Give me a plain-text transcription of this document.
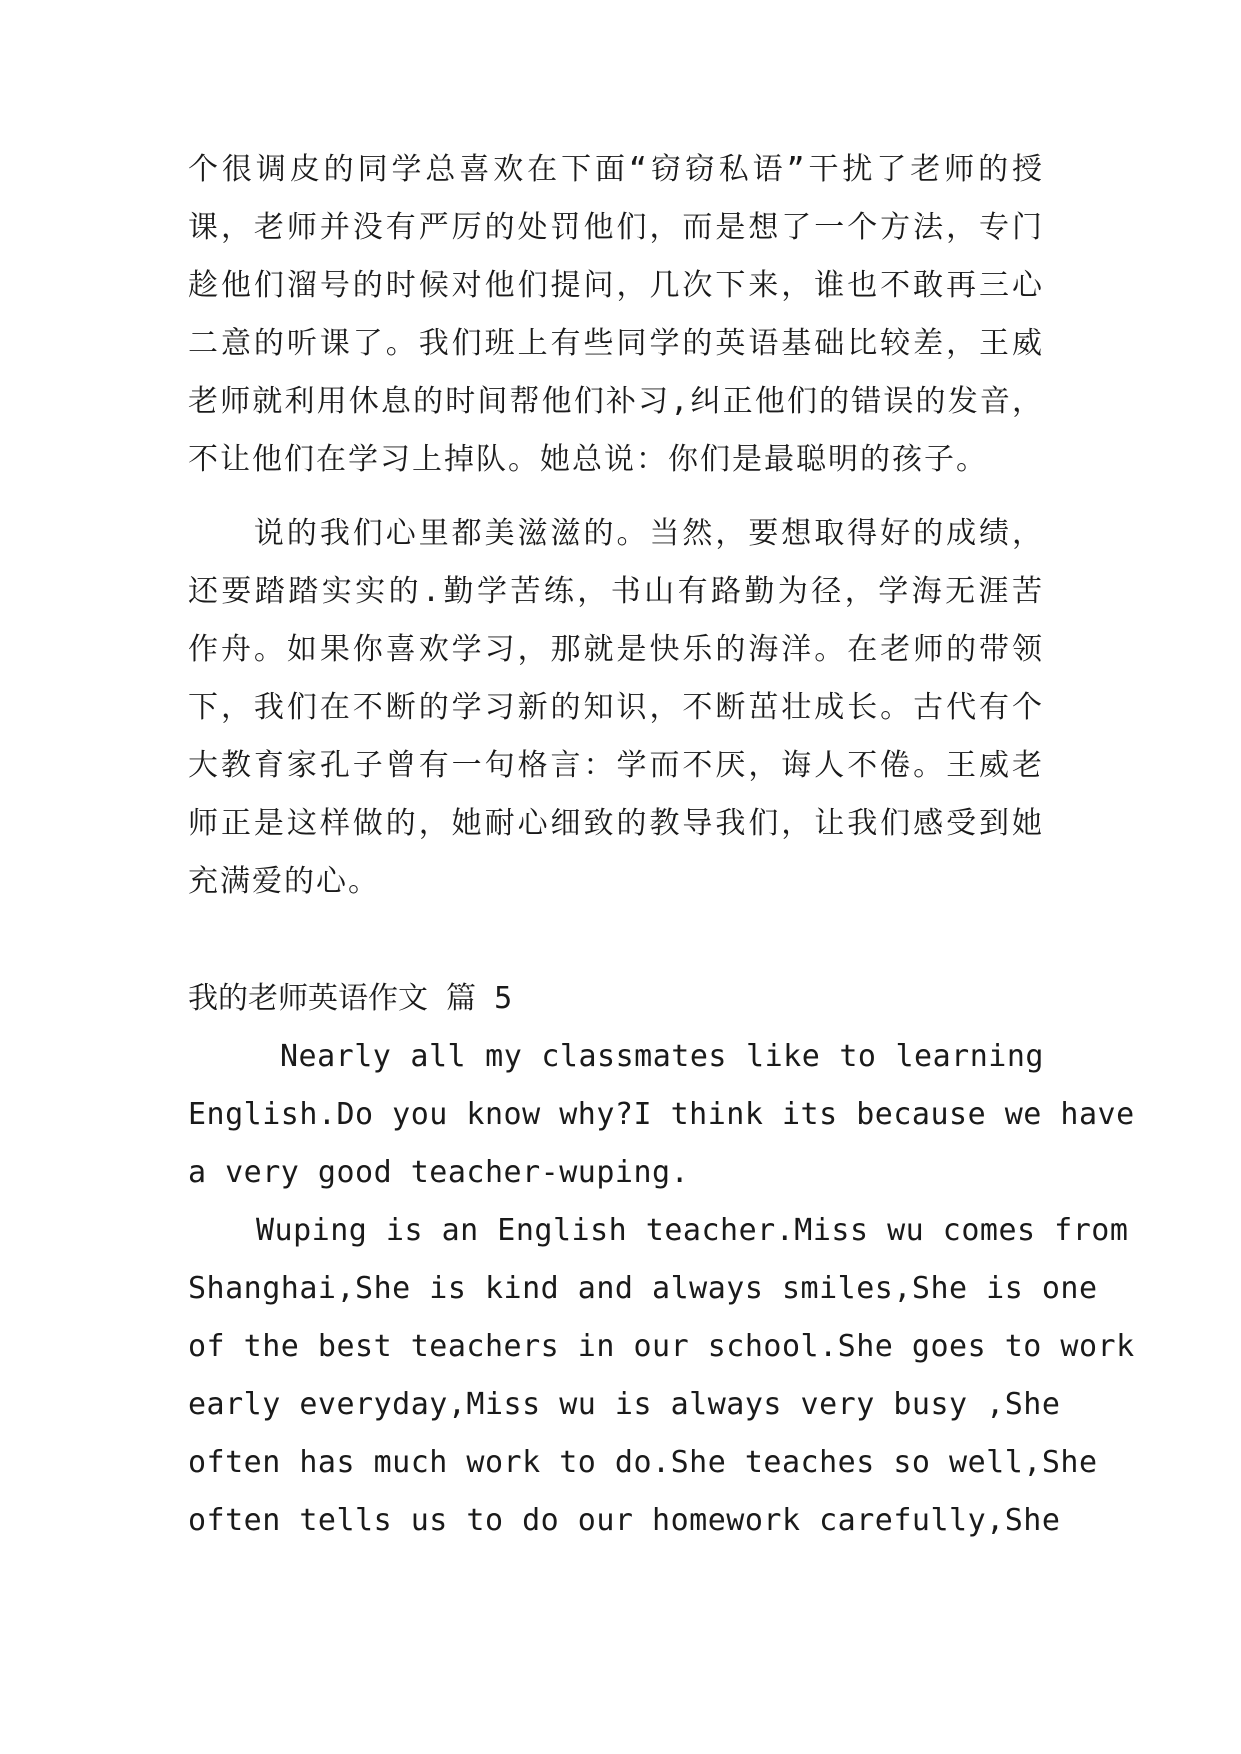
个很调皮的同学总喜欢在下面“窃窃私语”干扰了老师的授
课，老师并没有严厉的处罚他们，而是想了一个方法，专门
趁他们溜号的时候对他们提问，几次下来，谁也不敢再三心
二意的听课了。我们班上有些同学的英语基础比较差，王威
老师就利用休息的时间帮他们补习,纠正他们的错误的发音，
不让他们在学习上掉队。她总说：你们是最聪明的孩子。
　　说的我们心里都美滋滋的。当然，要想取得好的成绩，
还要踏踏实实的.勤学苦练，书山有路勤为径，学海无涯苦
作舟。如果你喜欢学习，那就是快乐的海洋。在老师的带领
下，我们在不断的学习新的知识，不断茁壮成长。古代有个
大教育家孔子曾有一句格言：学而不厌，诲人不倦。王威老
师正是这样做的，她耐心细致的教导我们，让我们感受到她
充满爱的心。
我的老师英语作文 篇 5
Nearly all my classmates like to learning
English.Do you know why?I think its because we have
a very good teacher-wuping.
Wuping is an English teacher.Miss wu comes from
Shanghai,She is kind and always smiles,She is one
of the best teachers in our school.She goes to work
early everyday,Miss wu is always very busy ,She
often has much work to do.She teaches so well,She
often tells us to do our homework carefully,She
